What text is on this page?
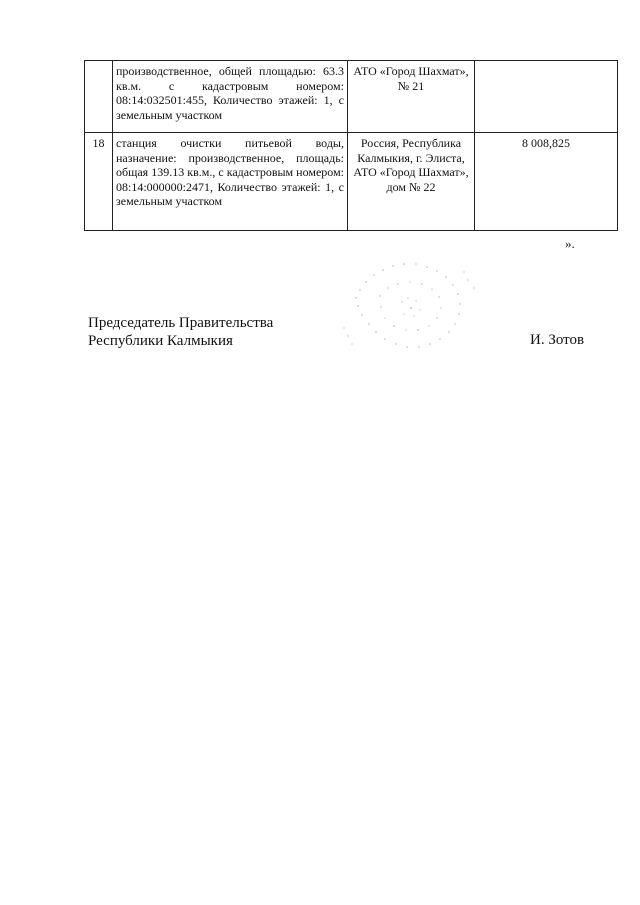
	производственное, общей площадью: 63.3 кв.м. с кадастровым номером: 08:14:032501:455, Количество этажей: 1, с земельным участком	АТО «Город Шахмат», № 21	
18	станция очистки питьевой воды, назначение: производственное, площадь: общая 139.13 кв.м., с кадастровым номером: 08:14:000000:2471, Количество этажей: 1, с земельным участком	Россия, Республика Калмыкия, г. Элиста, АТО «Город Шахмат», дом № 22	8 008,825
».
Председатель Правительства
Республики Калмыкия	И. Зотов
